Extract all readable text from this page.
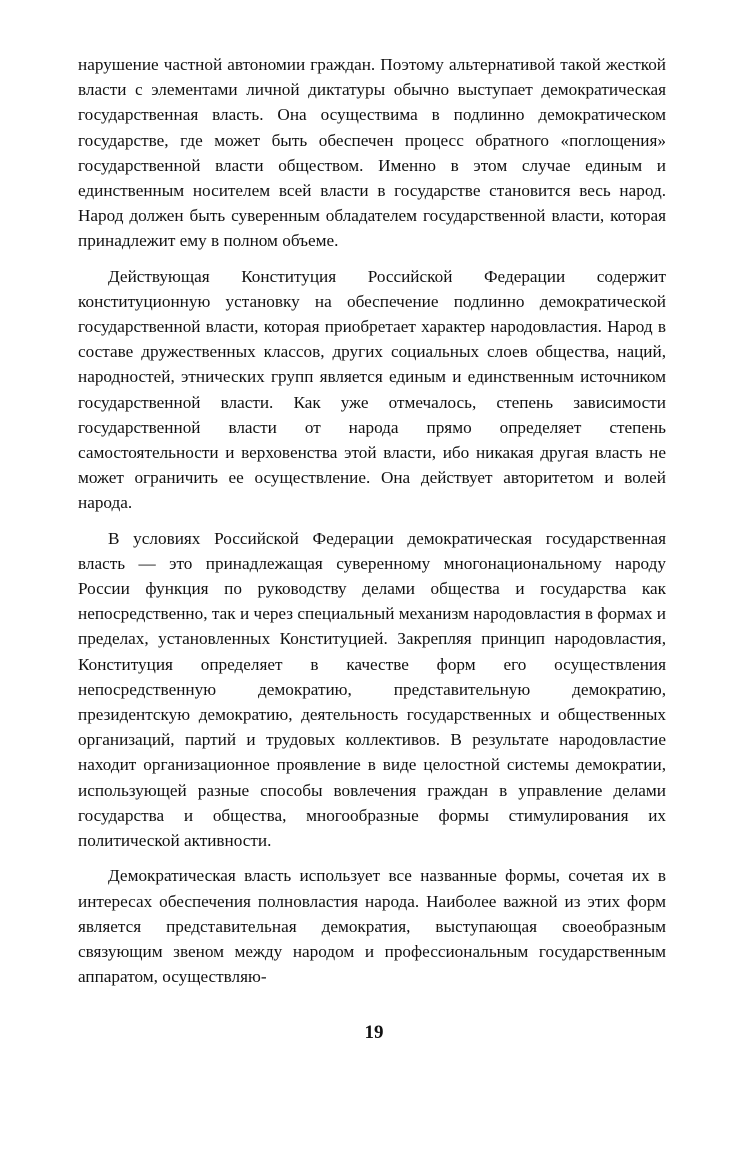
нарушение частной автономии граждан. Поэтому альтернативой такой жесткой власти с элементами личной диктатуры обычно выступает демократическая государственная власть. Она осуществима в подлинно демократическом государстве, где может быть обеспечен процесс обратного «поглощения» государственной власти обществом. Именно в этом случае единым и единственным носителем всей власти в государстве становится весь народ. Народ должен быть суверенным обладателем государственной власти, которая принадлежит ему в полном объеме.

Действующая Конституция Российской Федерации содержит конституционную установку на обеспечение подлинно демократической государственной власти, которая приобретает характер народовластия. Народ в составе дружественных классов, других социальных слоев общества, наций, народностей, этнических групп является единым и единственным источником государственной власти. Как уже отмечалось, степень зависимости государственной власти от народа прямо определяет степень самостоятельности и верховенства этой власти, ибо никакая другая власть не может ограничить ее осуществление. Она действует авторитетом и волей народа.

В условиях Российской Федерации демократическая государственная власть — это принадлежащая суверенному многонациональному народу России функция по руководству делами общества и государства как непосредственно, так и через специальный механизм народовластия в формах и пределах, установленных Конституцией. Закрепляя принцип народовластия, Конституция определяет в качестве форм его осуществления непосредственную демократию, представительную демократию, президентскую демократию, деятельность государственных и общественных организаций, партий и трудовых коллективов. В результате народовластие находит организационное проявление в виде целостной системы демократии, использующей разные способы вовлечения граждан в управление делами государства и общества, многообразные формы стимулирования их политической активности.

Демократическая власть использует все названные формы, сочетая их в интересах обеспечения полновластия народа. Наиболее важной из этих форм является представительная демократия, выступающая своеобразным связующим звеном между народом и профессиональным государственным аппаратом, осуществляю-

19
